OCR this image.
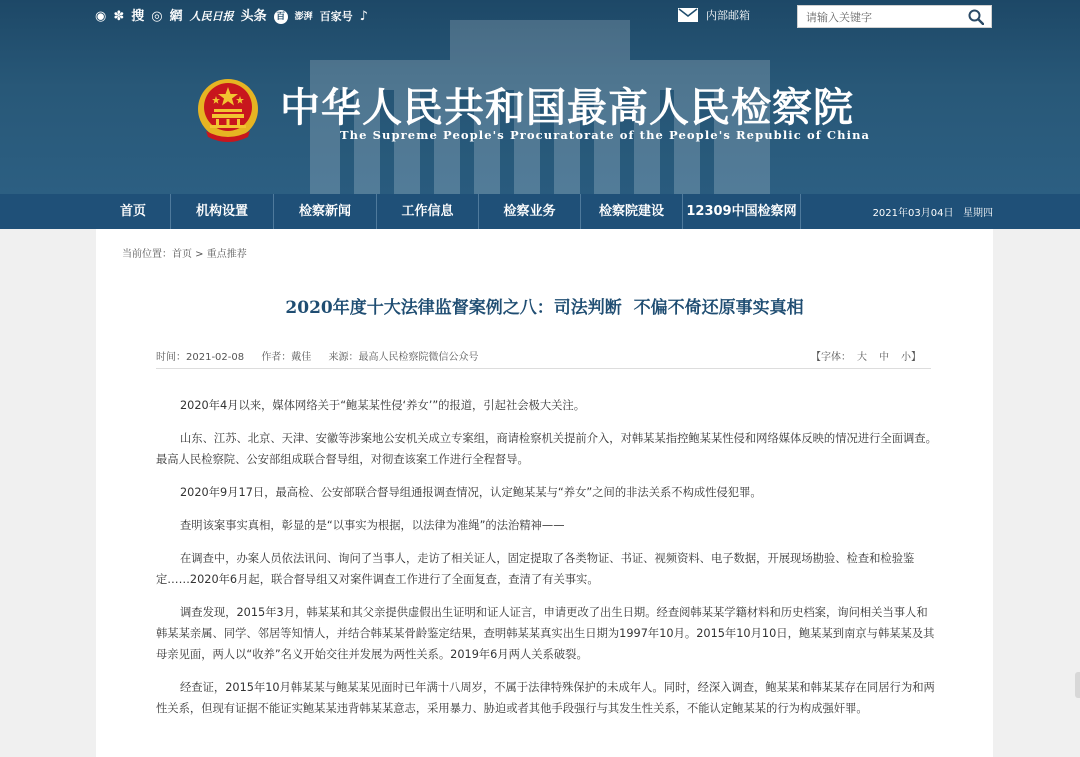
◉ ✽ 搜 ◎ 網 人民日报 头条 百 澎湃 百家号 ♪	内部邮箱
请输入关键字
中华人民共和国最高人民检察院
The Supreme People's Procuratorate of the People's Republic of China
首页	机构设置	检察新闻	工作信息	检察业务	检察院建设	12309中国检察网	2021年03月04日   星期四
当前位置：首页 > 重点推荐
2020年度十大法律监督案例之八：司法判断  不偏不倚还原事实真相
时间：2021-02-08 作者：戴佳 来源：最高人民检察院微信公众号	【字体： 大 中 小】

2020年4月以来，媒体网络关于“鲍某某性侵‘养女’”的报道，引起社会极大关注。

山东、江苏、北京、天津、安徽等涉案地公安机关成立专案组，商请检察机关提前介入，对韩某某指控鲍某某性侵和网络媒体反映的情况进行全面调查。最高人民检察院、公安部组成联合督导组，对彻查该案工作进行全程督导。

2020年9月17日，最高检、公安部联合督导组通报调查情况，认定鲍某某与“养女”之间的非法关系不构成性侵犯罪。

查明该案事实真相，彰显的是“以事实为根据，以法律为准绳”的法治精神——

在调查中，办案人员依法讯问、询问了当事人，走访了相关证人，固定提取了各类物证、书证、视频资料、电子数据，开展现场勘验、检查和检验鉴定……2020年6月起，联合督导组又对案件调查工作进行了全面复查，查清了有关事实。

调查发现，2015年3月，韩某某和其父亲提供虚假出生证明和证人证言，申请更改了出生日期。经查阅韩某某学籍材料和历史档案，询问相关当事人和韩某某亲属、同学、邻居等知情人，并结合韩某某骨龄鉴定结果，查明韩某某真实出生日期为1997年10月。2015年10月10日，鲍某某到南京与韩某某及其母亲见面，两人以“收养”名义开始交往并发展为两性关系。2019年6月两人关系破裂。

经查证，2015年10月韩某某与鲍某某见面时已年满十八周岁，不属于法律特殊保护的未成年人。同时，经深入调查，鲍某某和韩某某存在同居行为和两性关系，但现有证据不能证实鲍某某违背韩某某意志，采用暴力、胁迫或者其他手段强行与其发生性关系，不能认定鲍某某的行为构成强奸罪。
